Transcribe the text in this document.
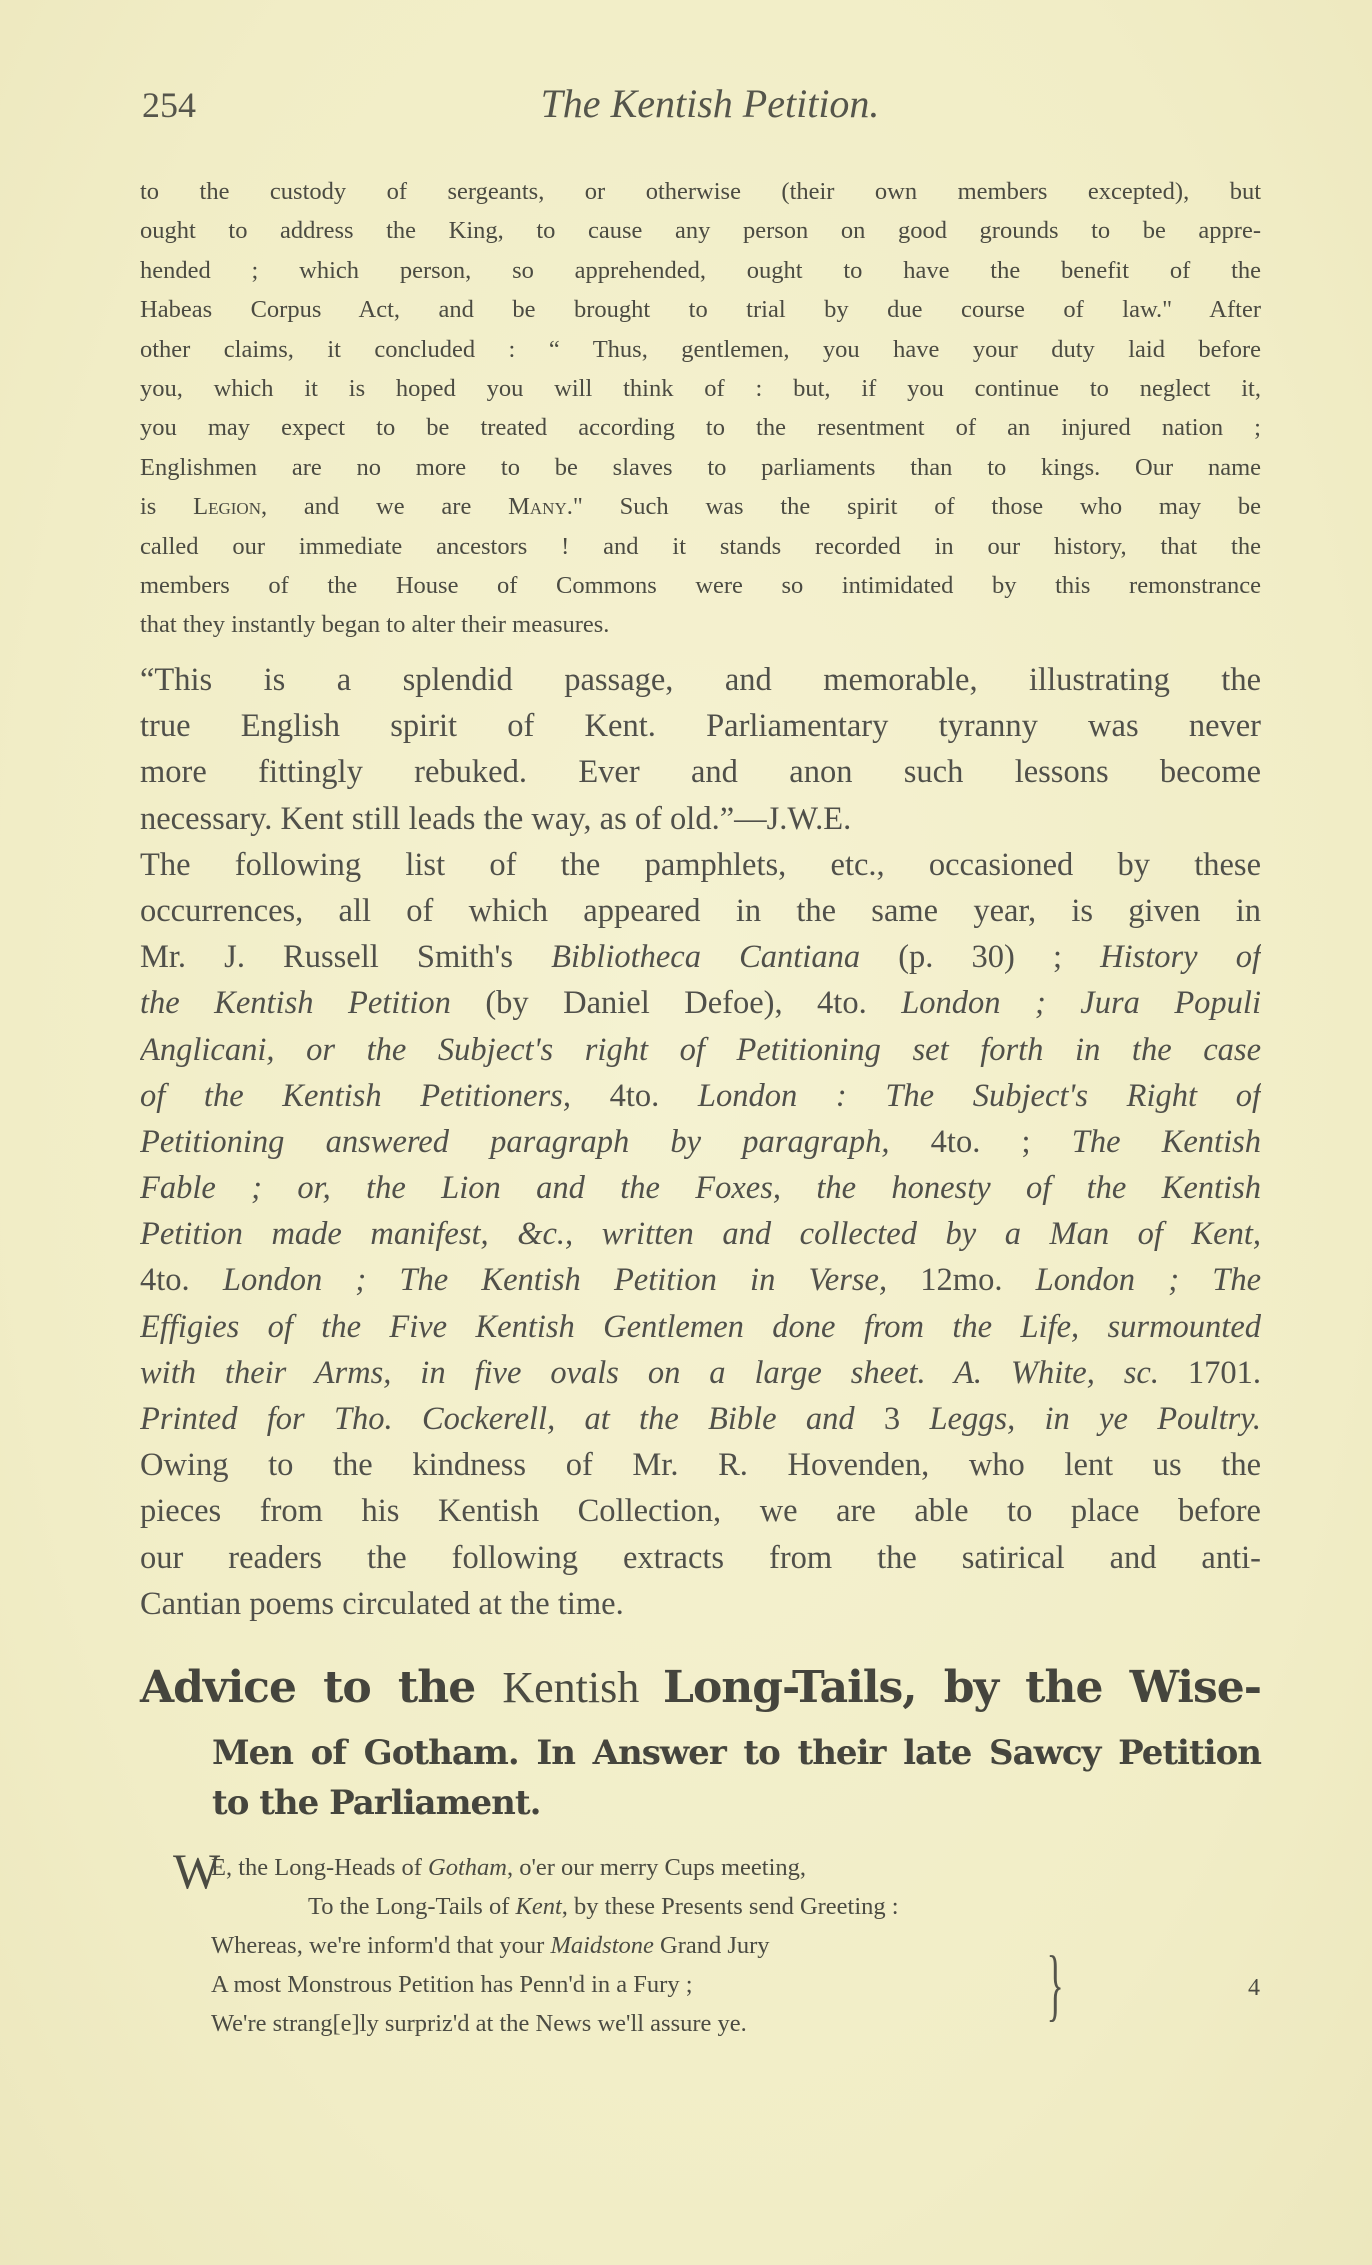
254	The Kentish Petition.
to the custody of sergeants, or otherwise (their own members excepted), but
ought to address the King, to cause any person on good grounds to be appre-
hended ; which person, so apprehended, ought to have the benefit of the
Habeas Corpus Act, and be brought to trial by due course of law." After
other claims, it concluded : “ Thus, gentlemen, you have your duty laid before
you, which it is hoped you will think of : but, if you continue to neglect it,
you may expect to be treated according to the resentment of an injured nation ;
Englishmen are no more to be slaves to parliaments than to kings. Our name
is Legion, and we are Many." Such was the spirit of those who may be
called our immediate ancestors ! and it stands recorded in our history, that the
members of the House of Commons were so intimidated by this remonstrance
that they instantly began to alter their measures.
“This is a splendid passage, and memorable, illustrating the
true English spirit of Kent. Parliamentary tyranny was never
more fittingly rebuked. Ever and anon such lessons become
necessary. Kent still leads the way, as of old.”—J.W.E.
The following list of the pamphlets, etc., occasioned by these
occurrences, all of which appeared in the same year, is given in
Mr. J. Russell Smith's Bibliotheca Cantiana (p. 30) ; History of
the Kentish Petition (by Daniel Defoe), 4to. London ; Jura Populi
Anglicani, or the Subject's right of Petitioning set forth in the case
of the Kentish Petitioners, 4to. London : The Subject's Right of
Petitioning answered paragraph by paragraph, 4to. ; The Kentish
Fable ; or, the Lion and the Foxes, the honesty of the Kentish
Petition made manifest, &c., written and collected by a Man of Kent,
4to. London ; The Kentish Petition in Verse, 12mo. London ; The
Effigies of the Five Kentish Gentlemen done from the Life, surmounted
with their Arms, in five ovals on a large sheet. A. White, sc. 1701.
Printed for Tho. Cockerell, at the Bible and 3 Leggs, in ye Poultry.
Owing to the kindness of Mr. R. Hovenden, who lent us the
pieces from his Kentish Collection, we are able to place before
our readers the following extracts from the satirical and anti-
Cantian poems circulated at the time.
Advice to the Kentish Long-Tails, by the Wise-
Men of Gotham. In Answer to their late Sawcy Petition
to the Parliament.
W
E, the Long-Heads of Gotham, o'er our merry Cups meeting,
To the Long-Tails of Kent, by these Presents send Greeting :
Whereas, we're inform'd that your Maidstone Grand Jury
A most Monstrous Petition has Penn'd in a Fury ;
We're strang[e]ly surpriz'd at the News we'll assure ye.	}	4
